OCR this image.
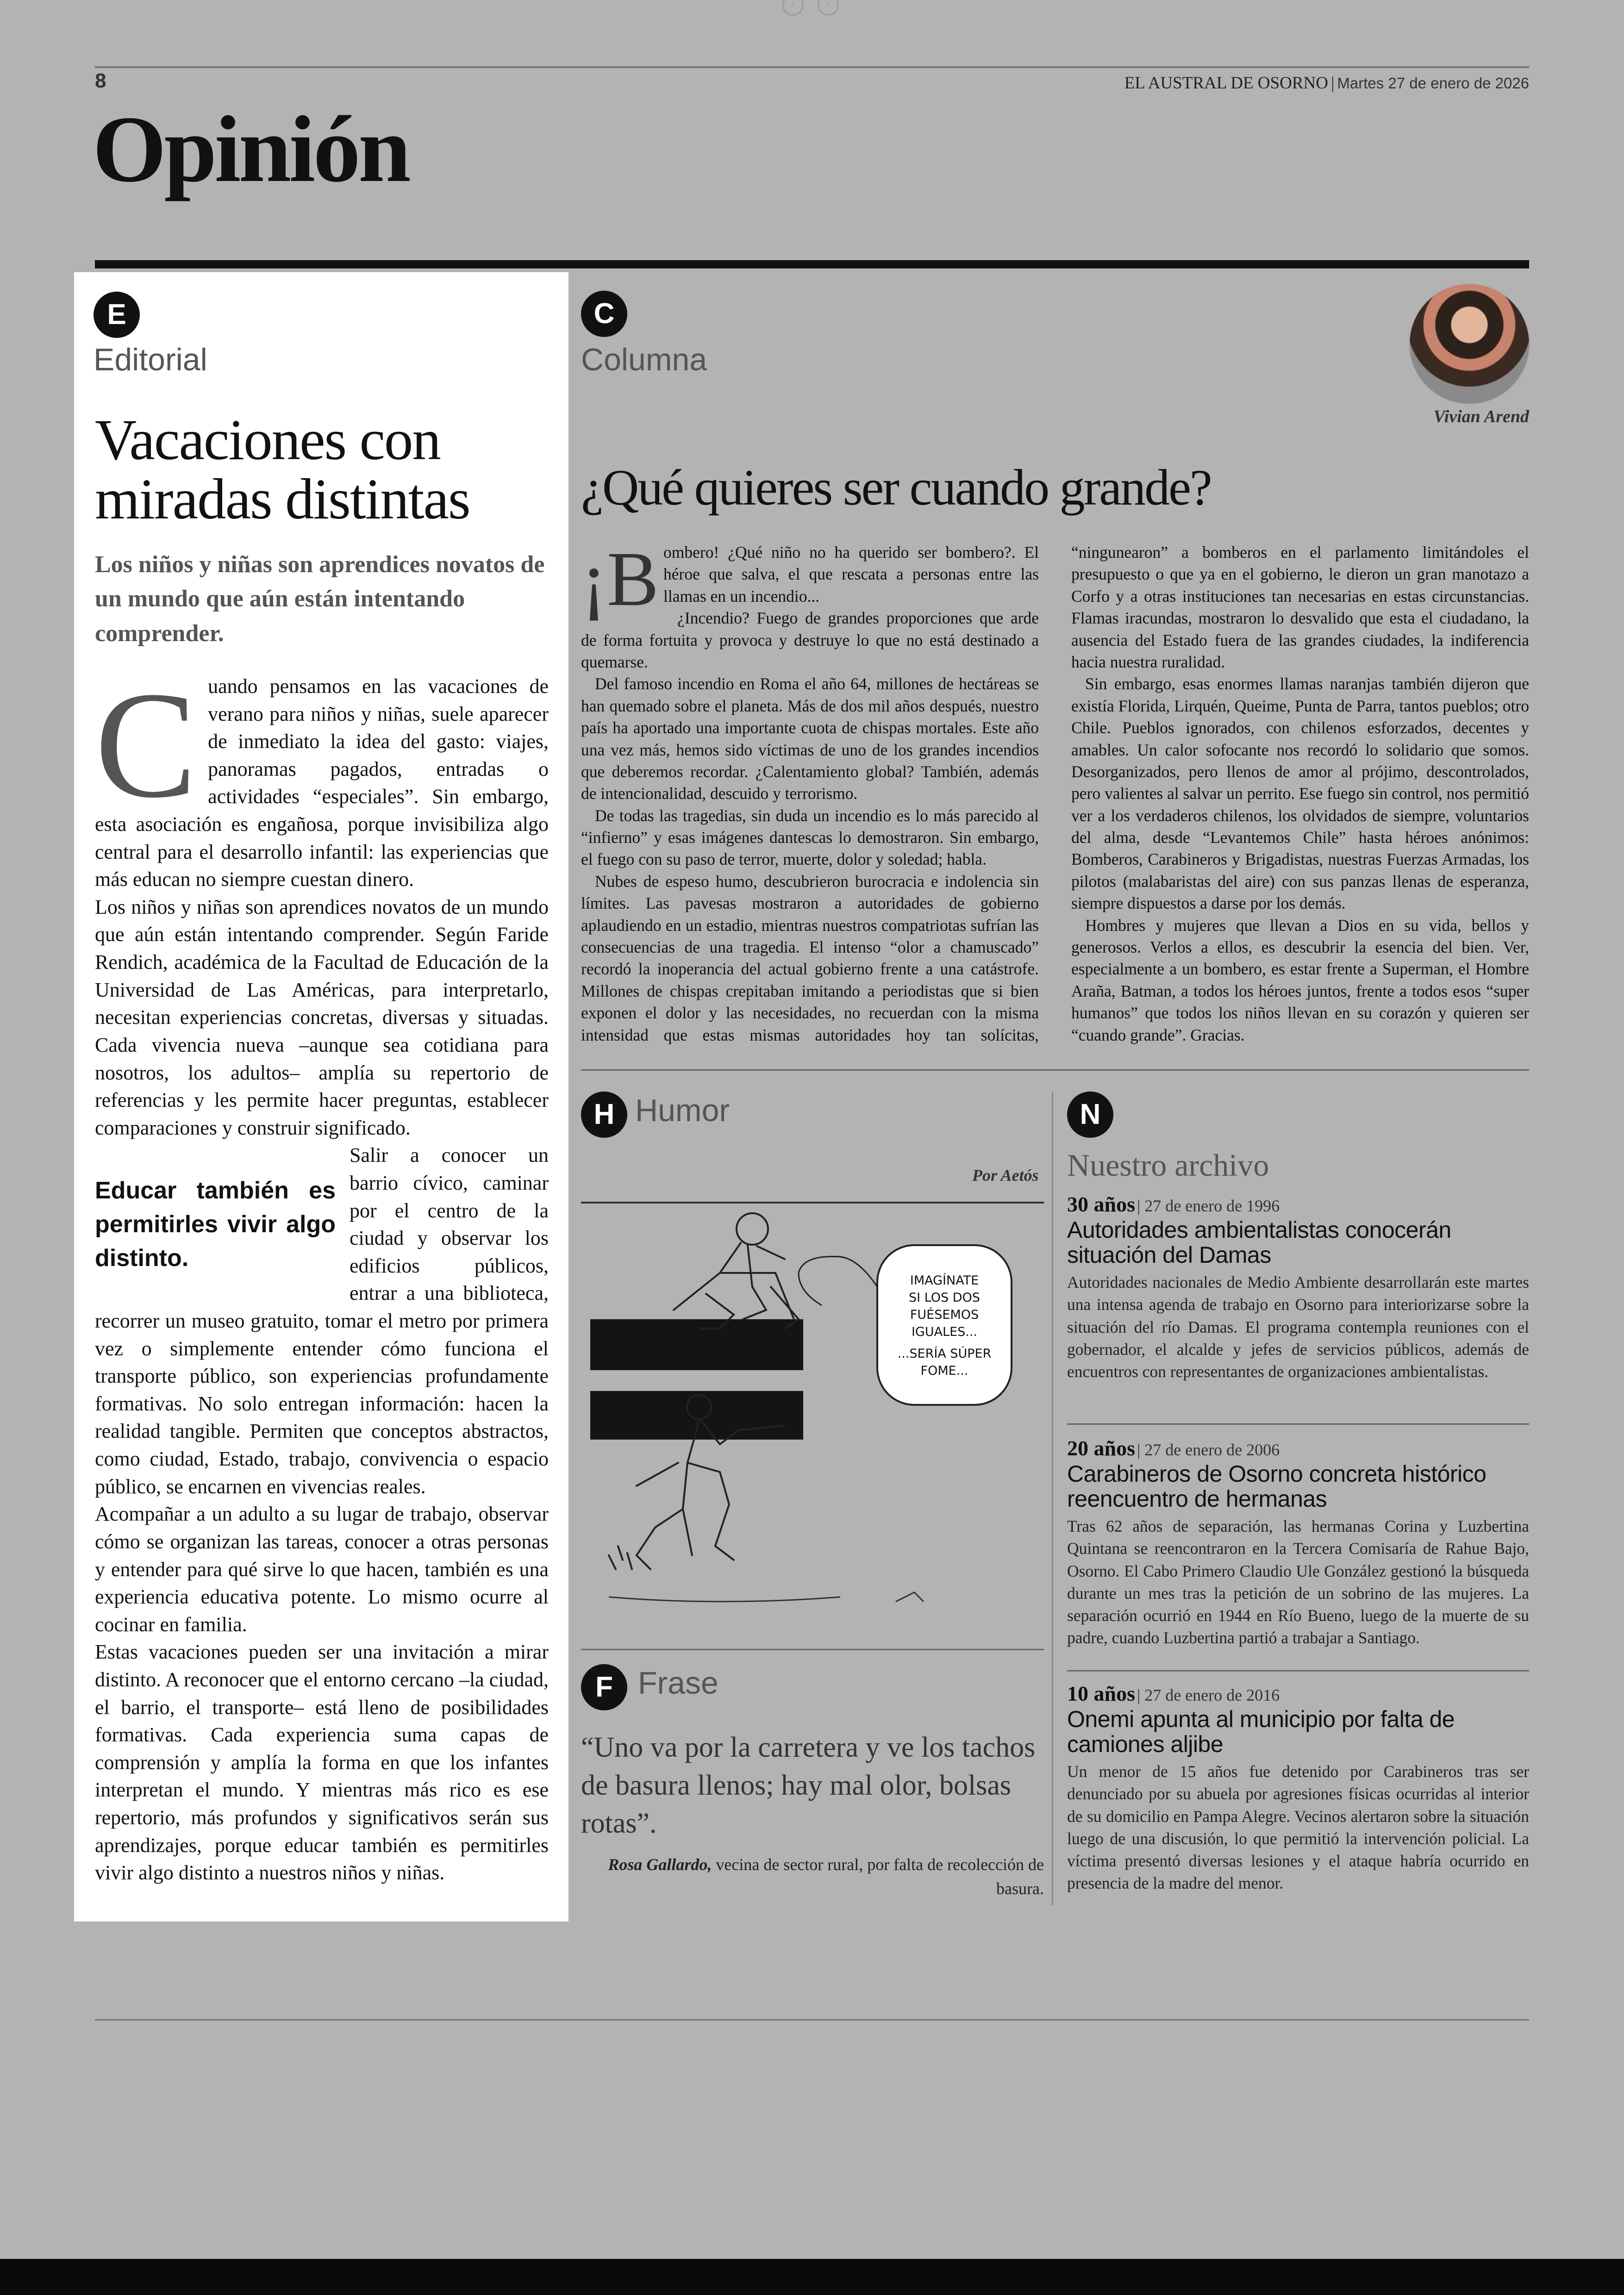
‹	›
8	EL AUSTRAL DE OSORNO | Martes 27 de enero de 2026
Opinión
E
Editorial
Vacaciones con miradas distintas
Los niños y niñas son aprendices novatos de un mundo que aún están intentando comprender.
C uando pensamos en las vacaciones de verano para niños y niñas, suele aparecer de inmediato la idea del gasto: viajes, panoramas pagados, entradas o actividades “especiales”. Sin embargo, esta asociación es engañosa, porque invisibiliza algo central para el desarrollo infantil: las experiencias que más educan no siempre cuestan dinero.

Los niños y niñas son aprendices novatos de un mundo que aún están intentando comprender. Según Faride Rendich, académica de la Facultad de Educación de la Universidad de Las Américas, para interpretarlo, necesitan experiencias concretas, diversas y situadas. Cada vivencia nueva –aunque sea cotidiana para nosotros, los adultos– amplía su repertorio de referencias y les permite hacer preguntas, establecer comparaciones y construir significado.

Educar también es permitirles vivir algo distinto.

Salir a conocer un barrio cívico, caminar por el centro de la ciudad y observar los edificios públicos, entrar a una biblioteca, recorrer un museo gratuito, tomar el metro por primera vez o simplemente entender cómo funciona el transporte público, son experiencias profundamente formativas. No solo entregan información: hacen la realidad tangible. Permiten que conceptos abstractos, como ciudad, Estado, trabajo, convivencia o espacio público, se encarnen en vivencias reales.

Acompañar a un adulto a su lugar de trabajo, observar cómo se organizan las tareas, conocer a otras personas y entender para qué sirve lo que hacen, también es una experiencia educativa potente. Lo mismo ocurre al cocinar en familia.

Estas vacaciones pueden ser una invitación a mirar distinto. A reconocer que el entorno cercano –la ciudad, el barrio, el transporte– está lleno de posibilidades formativas. Cada experiencia suma capas de comprensión y amplía la forma en que los infantes interpretan el mundo. Y mientras más rico es ese repertorio, más profundos y significativos serán sus aprendizajes, porque educar también es permitirles vivir algo distinto a nuestros niños y niñas.

C
Columna
Vivian Arend
¿Qué quieres ser cuando grande?

¡B ombero! ¿Qué niño no ha querido ser bombero?. El héroe que salva, el que rescata a personas entre las llamas en un incendio...

¿Incendio? Fuego de grandes proporciones que arde de forma fortuita y provoca y destruye lo que no está destinado a quemarse.

Del famoso incendio en Roma el año 64, millones de hectáreas se han quemado sobre el planeta. Más de dos mil años después, nuestro país ha aportado una importante cuota de chispas mortales. Este año una vez más, hemos sido víctimas de uno de los grandes incendios que deberemos recordar. ¿Calentamiento global? También, además de intencionalidad, descuido y terrorismo.

De todas las tragedias, sin duda un incendio es lo más parecido al “infierno” y esas imágenes dantescas lo demostraron. Sin embargo, el fuego con su paso de terror, muerte, dolor y soledad; habla.

Nubes de espeso humo, descubrieron burocracia e indolencia sin límites. Las pavesas mostraron a autoridades de gobierno aplaudiendo en un estadio, mientras nuestros compatriotas sufrían las consecuencias de una tragedia. El intenso “olor a chamuscado” recordó la inoperancia del actual gobierno frente a una catástrofe. Millones de chispas crepitaban imitando a periodistas que si bien exponen el dolor y las necesidades, no recuerdan con la misma intensidad que estas mismas autoridades hoy tan solícitas, “ninguneаron” a bomberos en el parlamento limitándoles el presupuesto o que ya en el gobierno, le dieron un gran manotazo a Corfo y a otras instituciones tan necesarias en estas circunstancias. Flamas iracundas, mostraron lo desvalido que esta el ciudadano, la ausencia del Estado fuera de las grandes ciudades, la indiferencia hacia nuestra ruralidad.

Sin embargo, esas enormes llamas naranjas también dijeron que existía Florida, Lirquén, Queime, Punta de Parra, tantos pueblos; otro Chile. Pueblos ignorados, con chilenos esforzados, decentes y amables. Un calor sofocante nos recordó lo solidario que somos. Desorganizados, pero llenos de amor al prójimo, descontrolados, pero valientes al salvar un perrito. Ese fuego sin control, nos permitió ver a los verdaderos chilenos, los olvidados de siempre, voluntarios del alma, desde “Levantemos Chile” hasta héroes anónimos: Bomberos, Carabineros y Brigadistas, nuestras Fuerzas Armadas, los pilotos (malabaristas del aire) con sus panzas llenas de esperanza, siempre dispuestos a darse por los demás.

Hombres y mujeres que llevan a Dios en su vida, bellos y generosos. Verlos a ellos, es descubrir la esencia del bien. Ver, especialmente a un bombero, es estar frente a Superman, el Hombre Araña, Batman, a todos los héroes juntos, frente a todos esos “super humanos” que todos los niños llevan en su corazón y quieren ser “cuando grande”. Gracias.

H Humor
Por Aetós
IMAGÍNATE
SI LOS DOS
FUÉSEMOS
IGUALES...
...SERÍA SÚPER
FOME...
F Frase
“Uno va por la carretera y ve los tachos de basura llenos; hay mal olor, bolsas rotas”.
Rosa Gallardo, vecina de sector rural, por falta de recolección de basura.
N
Nuestro archivo
30 años | 27 de enero de 1996
Autoridades ambientalistas conocerán situación del Damas
Autoridades nacionales de Medio Ambiente desarrollarán este martes una intensa agenda de trabajo en Osorno para interiorizarse sobre la situación del río Damas. El programa contempla reuniones con el gobernador, el alcalde y jefes de servicios públicos, además de encuentros con representantes de organizaciones ambientalistas.
20 años | 27 de enero de 2006
Carabineros de Osorno concreta histórico reencuentro de hermanas
Tras 62 años de separación, las hermanas Corina y Luzbertina Quintana se reencontraron en la Tercera Comisaría de Rahue Bajo, Osorno. El Cabo Primero Claudio Ule González gestionó la búsqueda durante un mes tras la petición de un sobrino de las mujeres. La separación ocurrió en 1944 en Río Bueno, luego de la muerte de su padre, cuando Luzbertina partió a trabajar a Santiago.
10 años | 27 de enero de 2016
Onemi apunta al municipio por falta de camiones aljibe
Un menor de 15 años fue detenido por Carabineros tras ser denunciado por su abuela por agresiones físicas ocurridas al interior de su domicilio en Pampa Alegre. Vecinos alertaron sobre la situación luego de una discusión, lo que permitió la intervención policial. La víctima presentó diversas lesiones y el ataque habría ocurrido en presencia de la madre del menor.
